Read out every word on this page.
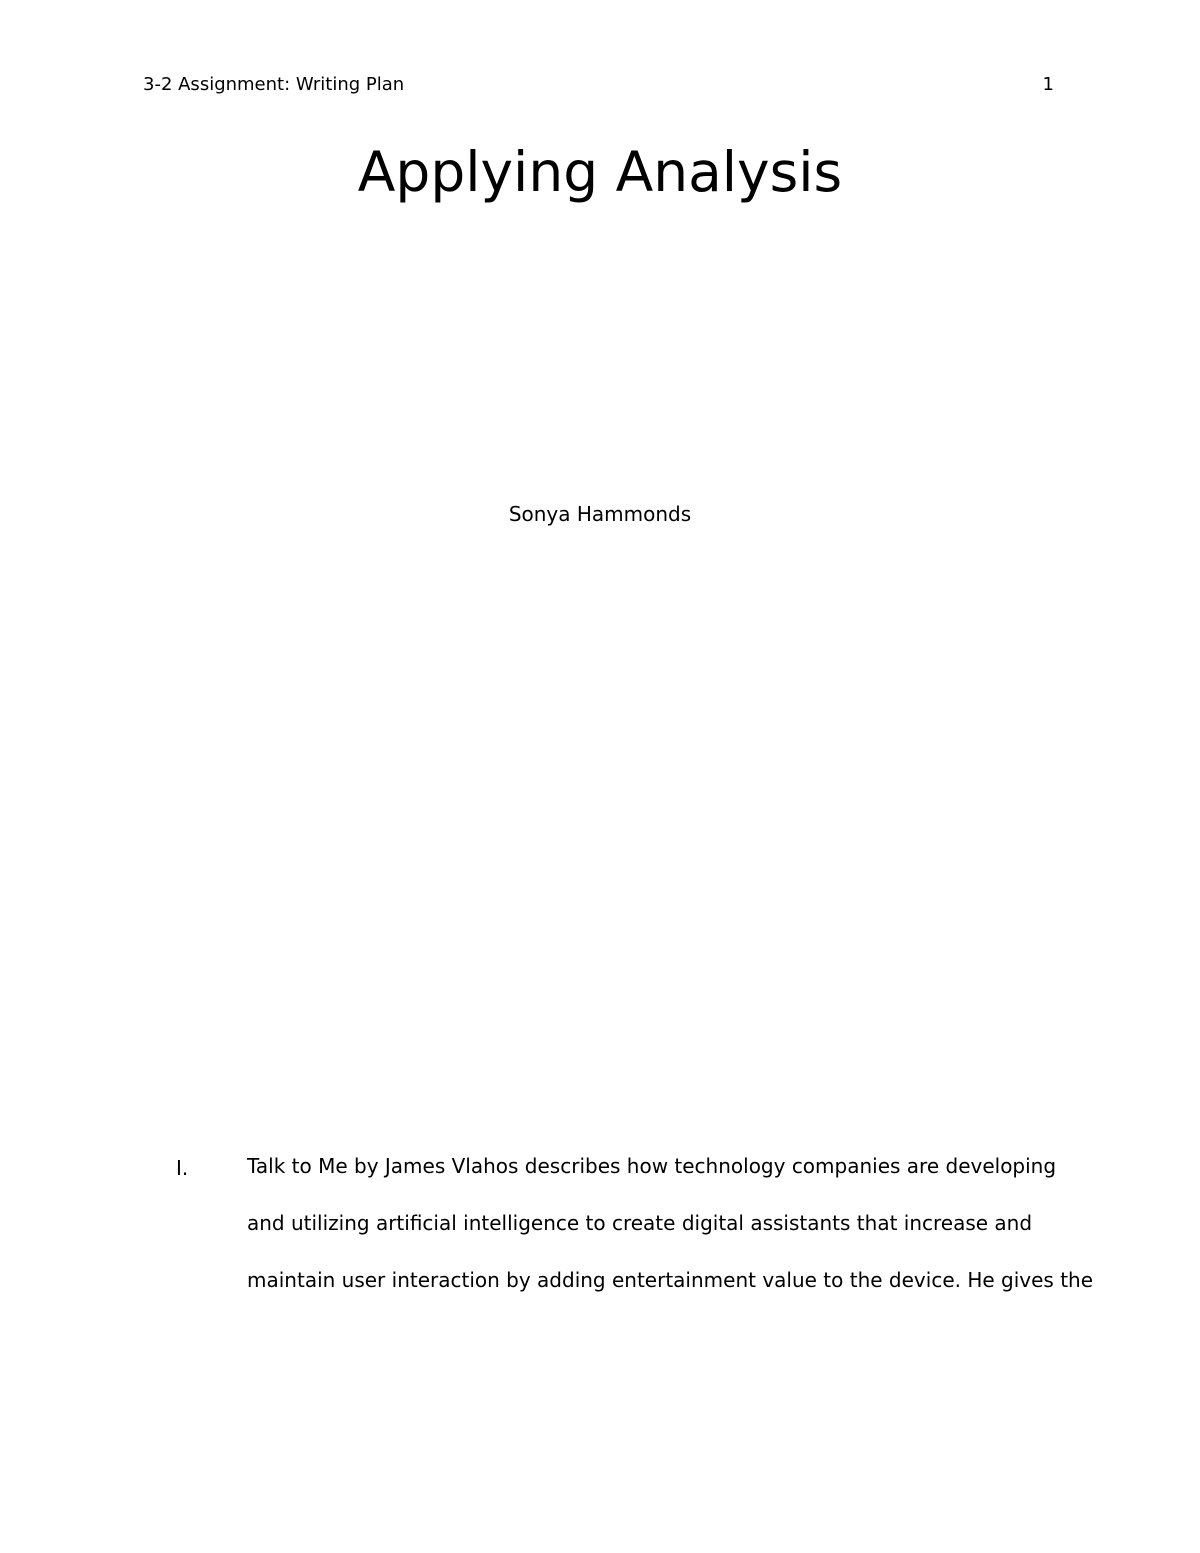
3-2 Assignment: Writing Plan	1
Applying Analysis
Sonya Hammonds
I.	Talk to Me by James Vlahos describes how technology companies are developing
and utilizing artificial intelligence to create digital assistants that increase and
maintain user interaction by adding entertainment value to the device. He gives the
